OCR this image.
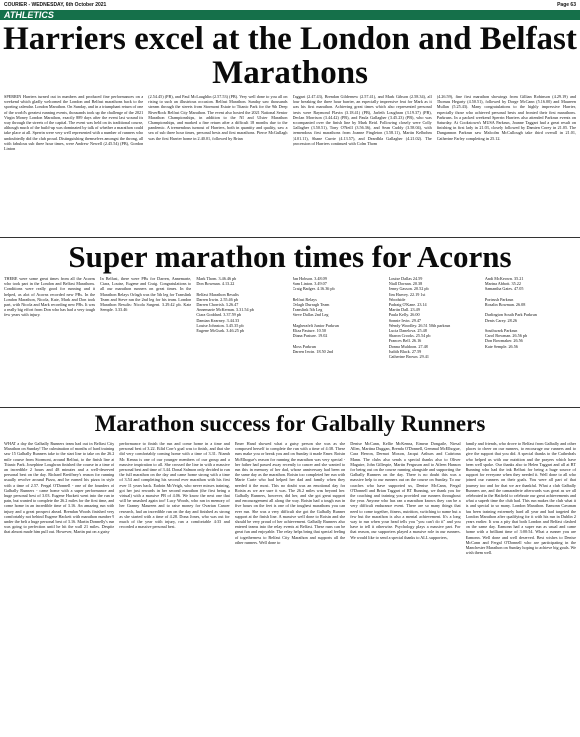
COURIER - WEDNESDAY, 6th October 2021	Page 63
ATHLETICS
Harriers excel at the London and Belfast Marathons
SPERRIN Harriers turned out in numbers and produced fine performances on a weekend which gladly welcomed the London and Belfast marathons back to the sporting calendar. London Marathon. On Sunday, and in a triumphant return of one of the world's greatest running events, thousands took up the challenge of the 2021 Virgin Money London Marathon, exactly 889 days after the event last wound its way through the streets of the capital. The event was held on its traditional course, although much of the build-up was dominated by talk of whether a marathon could take place at all. Sperrin were very well represented with a number of runners who undoubtedly did the club proud. Distinguishing themselves amongst the throng, all with fabulous sub three hour times, were Andrew Newell (2.45.54) (PB), Gordon Linton
(2.54.45) (PB), and Paul McLaughlin (2.57.53) (PB). Very well done to you all on rising to such an illustrious occasion. Belfast Marathon. Sunday saw thousands stream through the streets from Stormont Estate to Titanic Park for the 9th Deep RiverRock Belfast City Marathon. The event also hosted the 2021 National Senior Marathon Championships, in addition to the NI and Ulster Marathon Championships, and marked a fine return after a difficult 18 months due to the pandemic. A tremendous turnout of Harriers, both in quantity and quality, saw a sea of sub three hour times, personal bests and first marathons. Pierce McGullagh was the first Harrier home in 2.40.01, followed by Brian
Taggart (2.47.43), Brendan Gildernew (2.57.41), and Mark Gibson (2.58.34), all four breaking the three hour barrier, an especially impressive feat for Mark as it was his first marathon. Achieving great times which also represented personal bests were Raymond Flavin (3.18.41) (PB), Jarleth Loughran (3.19.37) (PB), Declan Morrison (3.44.42) (PB), and Paula Gallagher (3.45.23) (PB), who was accompanied over the finish line by Mark Reid. Following closely were Colly Gallagher (3.50.51), Tony O'Neill (3.56.36), and Sean Cuddy (3.58.04), with tremendous first marathons from Joanne Fingleton (3.58.11), Martin Kelbohm (4.01.11), Shane Currie (4.13.57), and Deardhla Gallagher (4.21.02). The procession of Harriers continued with Colm Thom
(4.26.59), fine first marathon showings from Gillian Robinson (4.29.19) and Thomas Hegarty (4.50.51), followed by Dorge McCann (5.16.00) and Maureen Mullan (5.25.43). Many congratulations to the highly impressive Harrier, especially those who achieved personal bests and fronted their first marathons. Parkruns. In a packed weekend Sperrin Harriers also attended Parkrun events on Saturday. At Cookstown's MUSA Parkrun, Joanne Taggart had a great result on finishing in first lady in 21.03, closely followed by Damien Corey in 21.05. The Dungannon Parkrun saw Malcolm McCullough take third overall in 21.01, Catherine Farley completing in 25.12.
Super marathon times for Acorns
THERE were some great times from all the Acorns who took part in the London and Belfast Marathons. Conditions were really good for running and it helped, as alot of Acorns recorded new PBs. In the London Marathon, Nicola, Kate, Mark and Don took part, with Nicola and Mark recording new PBs. It was a really big effort from Don who has had a very tough few years with injury.
In Belfast, there were PBs for Darren, Annemarie, Ciara, Louise, Eugene and Craig. Congratulations to all our marathon runners on great times. In the Marathon Relays Orlagh was the 5th leg for Translink Team and Steve ran the 2nd leg for his team. London Marathon Results: Nicola Sargent. 3.29.42 pb. Kate Semple. 3.33.46
Mark Thom. 3.46.46 pb
Don Bowman. 4.13.22

Belfast Marathon Results
Darren Irwin. 2.55.46 pb
Darren Chorrish. 3.26.47
Annemarie McKernan. 3.31.54 pb
Ciara Goddard. 3.37.59 pb
Damian Kearney. 3.44.33
Louise Johnston. 3.45.35 pb
Eugene McGurk. 3.46.25 pb
Jan Hobson. 3.48.09
Sam Linton. 3.49.07
Craig Badger. 4.16.36 pb

Belfast Relays
Orlagh Durragh Team
Translink 5th Leg
Steve Dallas 2nd Leg

Magherafelt Junior Parkrun
Eliza Pasture. 10.50
Diana Pasture. 19.02

Moss Parkrun
Darren Irwin. 18.50 2nd
Louise Dallas 24.59
Niall Dornan. 20.38
Jenny Gasson. 20.52 pb
Jim Harvey. 22.19 1st
Woodside
Padraig O'Kane. 23.14
Martin Dall. 23.49
Paula Kelly. 26.00
Sonnie Irvin. 29.47
Wendy Woodley. 26.51 50th parkrun
Lucia Danelova. 25.48
Sharon Crooks. 25.54 pb
Frances Bell. 26.16
Donna Muldoon. 27.48
Judith Black. 27.59
Catherine Brown. 29.41
Andi McKeown. 35.21
Marina Abbott. 35.22
Samantha Gates. 47.05

Portrush Parkrun
Rosalin Bowman. 26.08

Darlington South Park Parkrun
Denis Carey. 28.26

Southwark Parkrun
Carol Bowman. 26.56 pb
Don Bowmaker. 26.56
Kate Semple. 26.56
Marathon success for Galbally Runners
WHAT a day the Galbally Runners team had out in Belfast City Marathon on Sunday! The culmination of months of hard training saw 15 Galbally Runners take to the start line to take on the 26.2 mile course from Stormont, around Belfast, to the finish line at Titanic Park. Josephine Loughran finished the course in a time of an incredible 2 hours and 48 minutes and a well-deserved personal best on the day. Richard Breiffney's reason for running usually revolve around Pizza, and he earned his pizza in style with a time of 2.57. Fergal O'Donnell - one of the founders of Galbally Runners - came home with a super performance and huge personal best of 3.03. Eugene Hackett went into the run in pain, but wanted to complete the 26.2 miles for the first time, and come home in an incredible time of 3.16. An amazing run with injury and a great prospect ahead. Brendan Woods finished very comfortably not behind Eugene Hackett with marathon number 9 under the belt a huge personal best of 3.16. Martin Donnelly's run was going to perfection until he hit the wall 21 miles. Despite that almost made him pull out. However, Martin put on a gutsy
performance to finish the run and come home in a time and personal best of 3.22. Eilid Corr's goal was to finish, and that she did very comfortably coming home with a time of 3.31. Niamh Mc Kenna is one of our younger members of our group and a massive inspiration to all. She crossed the line in with a massive personal best and time of 3.44. Donal Salmon only decided to run the full marathon on the day and came home strong with a time of 3.54 and completing his second ever marathon with his first ever 11 years back. Eadoin McVeigh, who never misses training, got her just rewards in her second marathon (the first being a virtual) with a massive PB of 4.06. We know the next one that will be smashed again too! Lucy Woods, who ran in memory of her Granny Maureen and to raise money for Ovarian Cancer research, had an incredible run on the day and finished as strong as she started with a time of 4.28. Dona Jones, who was out for much of the year with injury, ran a comfortable 4:33 and recorded a massive personal best.
Emer Hand showed what a gutsy person she was as she composed herself to complete the run with a time of 4:38. These runs make you or break you and on Sunday it made Emer. Roisin McElhogue's reason for running the marathon was very special - her father had passed away recently to cancer and she wanted to run this in memory of her dad, whose anniversary had been on the same day as the marathon. Roisin too completed her run with Marie Curie who had helped her dad and family when they needed it the most. This no doubt was an emotional day for Roisin as we are sure it was. The 26.2 miles was beyond her. Galbally Runners, however, did her, and she got great support and encouragement all along the way. Roisin had a tough run in five hours on the feet is one of the toughest marathons you can ever run. She was a very difficult she got the Galbally Runner support at the finish line. A massive well done to Roisin and she should be very proud of her achievement. Galbally Runners also entered teams into the relay events at Belfast. These runs can be great fun and enjoyable. The relay helps bring that special feeling of togetherness to Belfast City Marathon and supports all the other runners. Well done to
Denise McCann, Kellie McKenna, Eimear Dongaile, Niesal Allen, Martina Duggan, Brenda O'Donnell, Gemmal McElhogue, Cara Herron, Dermot Moxon, Jacqui Arthurs and Caitriona Mann. The clubs also sends a special thanks also to Oliver Maguire, John Gillespie, Martin Ferguson and to Aileen Hanson for being out on the course running alongside and supporting the Galbally Runners on the day. There is no doubt this was a massive help to our runners out on the course on Sunday. To our coaches who have supported us, Denise McCann, Fergal O'Donnell and Brian Taggart of BT Running, we thank you for the coaching and training you provided our runners throughout the year. Anyone who has ran a marathon knows they can be a very difficult endurance event. There are so many things that need to come together, fitness, nutrition, switching to name but a few but the marathon is also a mental achievement. It's a long way to run when your head tells you "you can't do it" and you have to tell it otherwise. Psychology plays a massive part. For that reason, our supporters played a massive role in our runners. We would like to send a special thanks to ALL supporters,
family and friends, who drove to Belfast from Galbally and other places to cheer on our runners, to encourage our runners and to give the support that you did. A special thanks to the Cathedrals who helped us with our nutrition and the prayers which have been well spoke. Our thanks also to Helen Taggart and all at BT Running who had the ink Belfast for being a huge source of support for everyone when they needed it. Well done to all who joined our runners on their goals. You were all part of that journey too and for that we are thankful. What a club Galbally Runners are, and the camaraderie afterwards was great as we all celebrated in the Hatfield to celebrate our great achievements and what a superb time the club had. This run makes the club what it is and special to so many. London Marathon. Eamonn Cavanan has been training extremely hard all year and had targeted the London Marathon after qualifying for it with his run in Dublin 2 years earlier. It was a pity that both London and Belfast clashed on the same day. Eamonn had a super run as usual and came home with a brilliant time of 3:00:54. What a runner you are Eamonn. Well done and well deserved. Best wishes to Denise McCann and Fergal O'Donnell who are participating in the Manchester Marathon on Sunday hoping to achieve big goals. We wish them well.
